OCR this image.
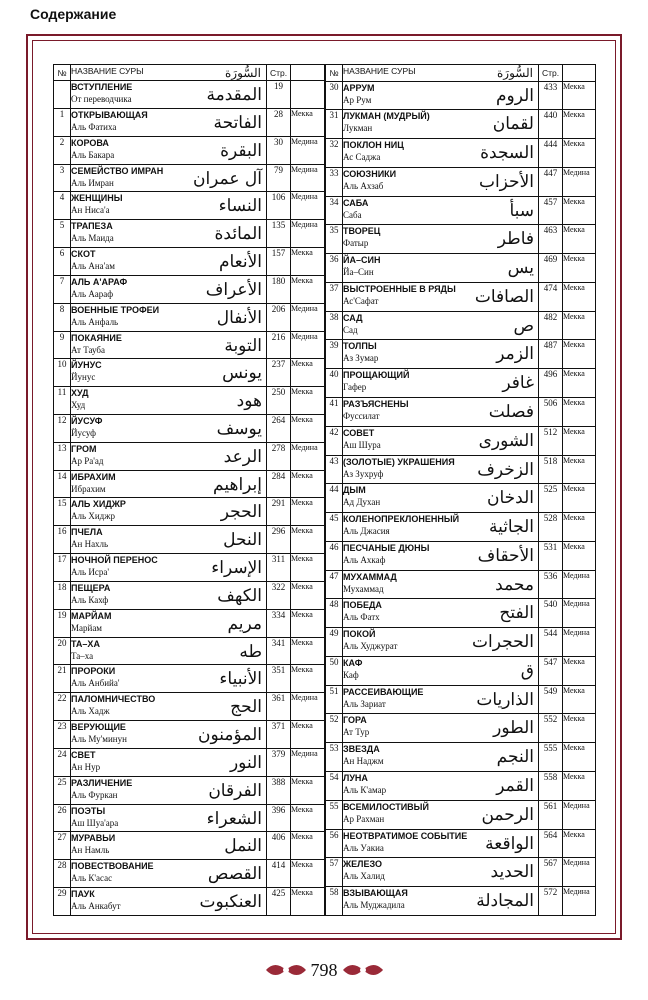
Содержание
№	НАЗВАНИЕ СУРЫ السُّورَة	Стр.	

	ВСТУПЛЕНИЕ
От переводчика المقدمة	19	
1	ОТКРЫВАЮЩАЯ
Аль Фатиха الفاتحة	28	Мекка
2	КОРОВА
Аль Бакара البقرة	30	Медина
3	СЕМЕЙСТВО ИМРАН
Аль Имран آل عمران	79	Медина
4	ЖЕНЩИНЫ
Ан Ниса'а النساء	106	Медина
5	ТРАПЕЗА
Аль Маида المائدة	135	Медина
6	СКОТ
Аль Ана'ам الأنعام	157	Мекка
7	АЛЬ А'АРАФ
Аль Аараф الأعراف	180	Мекка
8	ВОЕННЫЕ ТРОФЕИ
Аль Анфаль الأنفال	206	Медина
9	ПОКАЯНИЕ
Ат Тауба التوبة	216	Медина
10	ЙУНУС
Йунус يونس	237	Мекка
11	ХУД
Худ هود	250	Мекка
12	ЙУСУФ
Йусуф يوسف	264	Мекка
13	ГРОМ
Ар Ра'ад الرعد	278	Медина
14	ИБРАХИМ
Ибрахим إبراهيم	284	Мекка
15	АЛЬ ХИДЖР
Аль Хиджр الحجر	291	Мекка
16	ПЧЕЛА
Ан Нахль النحل	296	Мекка
17	НОЧНОЙ ПЕРЕНОС
Аль Исра' الإسراء	311	Мекка
18	ПЕЩЕРА
Аль Кахф الكهف	322	Мекка
19	МАРЙАМ
Марйам مريم	334	Мекка
20	ТА–ХА
Та–ха طه	341	Мекка
21	ПРОРОКИ
Аль Анбийа' الأنبياء	351	Мекка
22	ПАЛОМНИЧЕСТВО
Аль Хадж الحج	361	Медина
23	ВЕРУЮЩИЕ
Аль Му'минун المؤمنون	371	Мекка
24	СВЕТ
Ан Нур النور	379	Медина
25	РАЗЛИЧЕНИЕ
Аль Фуркан الفرقان	388	Мекка
26	ПОЭТЫ
Аш Шуа'ара الشعراء	396	Мекка
27	МУРАВЬИ
Ан Намль النمل	406	Мекка
28	ПОВЕСТВОВАНИЕ
Аль К'асас القصص	414	Мекка
29	ПАУК
Аль Анкабут العنكبوت	425	Мекка
№	НАЗВАНИЕ СУРЫ السُّورَة	Стр.	
30	АРРУМ
Ар Рум الروم	433	Мекка
31	ЛУКМАН (МУДРЫЙ)
Лукман لقمان	440	Мекка
32	ПОКЛОН НИЦ
Ас Саджа السجدة	444	Мекка
33	СОЮЗНИКИ
Аль Ахзаб الأحزاب	447	Медина
34	САБА
Саба سبأ	457	Мекка
35	ТВОРЕЦ
Фатыр فاطر	463	Мекка
36	ЙА–СИН
Йа–Син يس	469	Мекка
37	ВЫСТРОЕННЫЕ В РЯДЫ
Ас'Сафат الصافات	474	Мекка
38	САД
Сад ص	482	Мекка
39	ТОЛПЫ
Аз Зумар الزمر	487	Мекка
40	ПРОЩАЮЩИЙ
Гафер غافر	496	Мекка
41	РАЗЪЯСНЕНЫ
Фуссилат فصلت	506	Мекка
42	СОВЕТ
Аш Шура الشورى	512	Мекка
43	(ЗОЛОТЫЕ) УКРАШЕНИЯ
Аз Зухруф الزخرف	518	Мекка
44	ДЫМ
Ад Духан الدخان	525	Мекка
45	КОЛЕНОПРЕКЛОНЕННЫЙ
Аль Джасия الجاثية	528	Мекка
46	ПЕСЧАНЫЕ ДЮНЫ
Аль Ахкаф الأحقاف	531	Мекка
47	МУХАММАД
Мухаммад محمد	536	Медина
48	ПОБЕДА
Аль Фатх الفتح	540	Медина
49	ПОКОЙ
Аль Худжурат الحجرات	544	Медина
50	КАФ
Каф ق	547	Мекка
51	РАССЕИВАЮЩИЕ
Аль Зариат الذاريات	549	Мекка
52	ГОРА
Ат Тур الطور	552	Мекка
53	ЗВЕЗДА
Ан Наджм النجم	555	Мекка
54	ЛУНА
Аль К'амар القمر	558	Мекка
55	ВСЕМИЛОСТИВЫЙ
Ар Рахман الرحمن	561	Медина
56	НЕОТВРАТИМОЕ СОБЫТИЕ
Аль Уакиа الواقعة	564	Мекка
57	ЖЕЛЕЗО
Аль Халид الحديد	567	Медина
58	ВЗЫВАЮЩАЯ
Аль Муджадила المجادلة	572	Медина
798
